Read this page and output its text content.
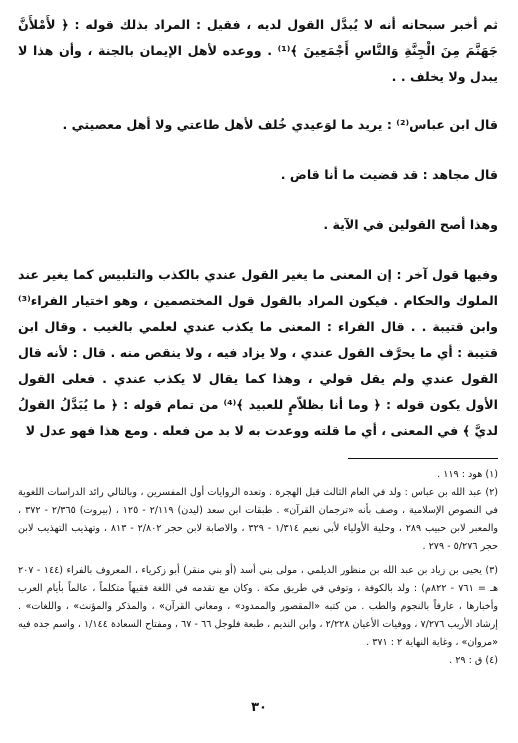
ثم أخبر سبحانه أنه لا يُبدَّل القول لديه ، فقيل : المراد بذلك قوله : ﴿ لأَمْلأَنَّ جَهَنَّمَ مِنَ الْجِنَّةِ وَالنَّاسِ أَجْمَعِينَ ﴾⁽¹⁾ . ووعده لأهل الإيمان بالجنة ، وأن هذا لا يبدل ولا يخلف . .

قال ابن عباس⁽²⁾ : يريد ما لوَعيدي خُلف لأهل طاعتي ولا أهل معصيتي .

قال مجاهد : قد قضيت ما أنا قاض .

وهذا أصح القولين في الآية .

وفيها قول آخر : إن المعنى ما يغير القول عندي بالكذب والتلبيس كما يغير عند الملوك والحكام . فيكون المراد بالقول قول المختصمين ، وهو اختيار الفراء⁽³⁾ وابن قتيبة . . قال الفراء : المعنى ما يكذب عندي لعلمي بالغيب . وقال ابن قتيبة : أي ما يحرَّف القول عندي ، ولا يزاد فيه ، ولا ينقص منه . قال : لأنه قال القول عندي ولم يقل قولي ، وهذا كما يقال لا يكذب عندي . فعلى القول الأول يكون قوله : ﴿ وما أنا بظلاّمٍ للعبيد ﴾⁽⁴⁾ من تمام قوله : ﴿ ما يُبَدَّلُ القولُ لديَّ ﴾ في المعنى ، أي ما قلته ووعدت به لا بد من فعله . ومع هذا فهو عدل لا

(١) هود : ١١٩ .

(٢) عبد الله بن عباس : ولد في العام الثالث قبل الهجرة . وتعده الروايات أول المفسرين ، وبالتالي رائد الدراسات اللغوية في النصوص الإسلامية ، وصف بأنه «ترجمان القرآن» . طبقات ابن سعد (ليدن) ٢/١١٩ - ١٢٥ ، (بيروت) ٢/٣٦٥ - ٣٧٢ ، والمعبر لابن حبيب ٢٨٩ ، وحلية الأولياء لأبي نعيم ١/٣١٤ - ٣٢٩ ، والاصابة لابن حجر ٢/٨٠٢ - ٨١٣ ، وتهذيب التهذيب لابن حجر ٥/٢٧٦ - ٢٧٩ .

(٣) يحيى بن زياد بن عبد الله بن منظور الديلمي ، مولى بني أسد (أو بني منقر) أبو زكرياء ، المعروف بالفراء (١٤٤ - ٢٠٧ هـ = ٧٦١ - ٨٢٢م) : ولد بالكوفة ، وتوفي في طريق مكة . وكان مع تقدمه في اللغة فقيهاً متكلماً ، عالماً بأيام العرب وأخبارها ، عارفاً بالنجوم والطب . من كتبه «المقصور والممدود» ، ومعاني القرآن» ، والمذكر والمؤنث» ، واللغات» . إرشاد الأريب ٧/٢٧٦ ، ووفيات الأعيان ٢/٢٢٨ ، وابن النديم ، طبعة فلوجل ٦٦ - ٦٧ ، ومفتاح السعادة ١/١٤٤ ، واسم جده فيه «مروان» ، وغاية النهاية ٢ : ٣٧١ .

(٤) ق : ٢٩ .

٣٠
